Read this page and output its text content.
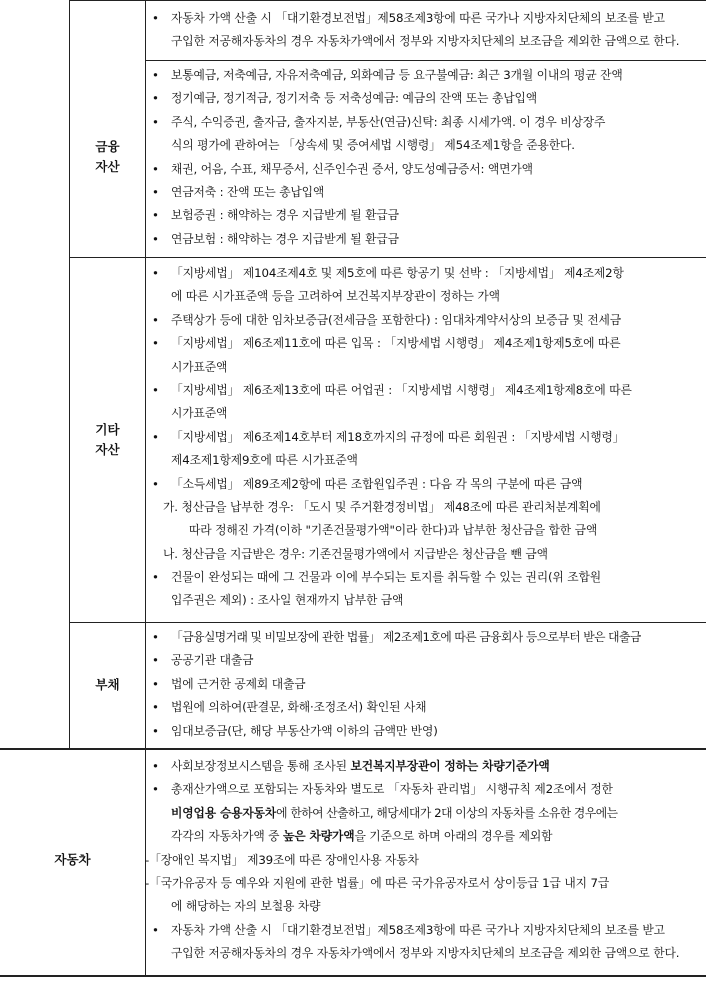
• 자동차 가액 산출 시 「대기환경보전법」제58조제3항에 따른 국가나 지방자치단체의 보조를 받고
구입한 저공해자동차의 경우 자동차가액에서 정부와 지방자치단체의 보조금을 제외한 금액으로 한다.
금융
자산
• 보통예금, 저축예금, 자유저축예금, 외화예금 등 요구불예금: 최근 3개월 이내의 평균 잔액
• 정기예금, 정기적금, 정기저축 등 저축성예금: 예금의 잔액 또는 총납입액
• 주식, 수익증권, 출자금, 출자지분, 부동산(연금)신탁: 최종 시세가액. 이 경우 비상장주
식의 평가에 관하여는 「상속세 및 증여세법 시행령」 제54조제1항을 준용한다.
• 채권, 어음, 수표, 채무증서, 신주인수권 증서, 양도성예금증서: 액면가액
• 연금저축 : 잔액 또는 총납입액
• 보험증권 : 해약하는 경우 지급받게 될 환급금
• 연금보험 : 해약하는 경우 지급받게 될 환급금
기타
자산
• 「지방세법」 제104조제4호 및 제5호에 따른 항공기 및 선박 : 「지방세법」 제4조제2항
에 따른 시가표준액 등을 고려하여 보건복지부장관이 정하는 가액
• 주택상가 등에 대한 임차보증금(전세금을 포함한다) : 임대차계약서상의 보증금 및 전세금
• 「지방세법」 제6조제11호에 따른 입목 : 「지방세법 시행령」 제4조제1항제5호에 따른
시가표준액
• 「지방세법」 제6조제13호에 따른 어업권 : 「지방세법 시행령」 제4조제1항제8호에 따른
시가표준액
• 「지방세법」 제6조제14호부터 제18호까지의 규정에 따른 회원권 : 「지방세법 시행령」
제4조제1항제9호에 따른 시가표준액
• 「소득세법」 제89조제2항에 따른 조합원입주권 : 다음 각 목의 구분에 따른 금액
가. 청산금을 납부한 경우: 「도시 및 주거환경정비법」 제48조에 따른 관리처분계획에
따라 정해진 가격(이하 "기존건물평가액"이라 한다)과 납부한 청산금을 합한 금액
나. 청산금을 지급받은 경우: 기존건물평가액에서 지급받은 청산금을 뺀 금액
• 건물이 완성되는 때에 그 건물과 이에 부수되는 토지를 취득할 수 있는 권리(위 조합원
입주권은 제외) : 조사일 현재까지 납부한 금액
부채
• 「금융실명거래 및 비밀보장에 관한 법률」 제2조제1호에 따른 금융회사 등으로부터 받은 대출금
• 공공기관 대출금
• 법에 근거한 공제회 대출금
• 법원에 의하여(판결문, 화해·조정조서) 확인된 사채
• 임대보증금(단, 해당 부동산가액 이하의 금액만 반영)
자동차
• 사회보장정보시스템을 통해 조사된 보건복지부장관이 정하는 차량기준가액
• 총재산가액으로 포함되는 자동차와 별도로 「자동차 관리법」 시행규칙 제2조에서 정한
비영업용 승용자동차에 한하여 산출하고, 해당세대가 2대 이상의 자동차를 소유한 경우에는
각각의 자동차가액 중 높은 차량가액을 기준으로 하며 아래의 경우를 제외함
-「장애인 복지법」 제39조에 따른 장애인사용 자동차
-「국가유공자 등 예우와 지원에 관한 법률」에 따른 국가유공자로서 상이등급 1급 내지 7급
에 해당하는 자의 보철용 차량
• 자동차 가액 산출 시 「대기환경보전법」제58조제3항에 따른 국가나 지방자치단체의 보조를 받고
구입한 저공해자동차의 경우 자동차가액에서 정부와 지방자치단체의 보조금을 제외한 금액으로 한다.
